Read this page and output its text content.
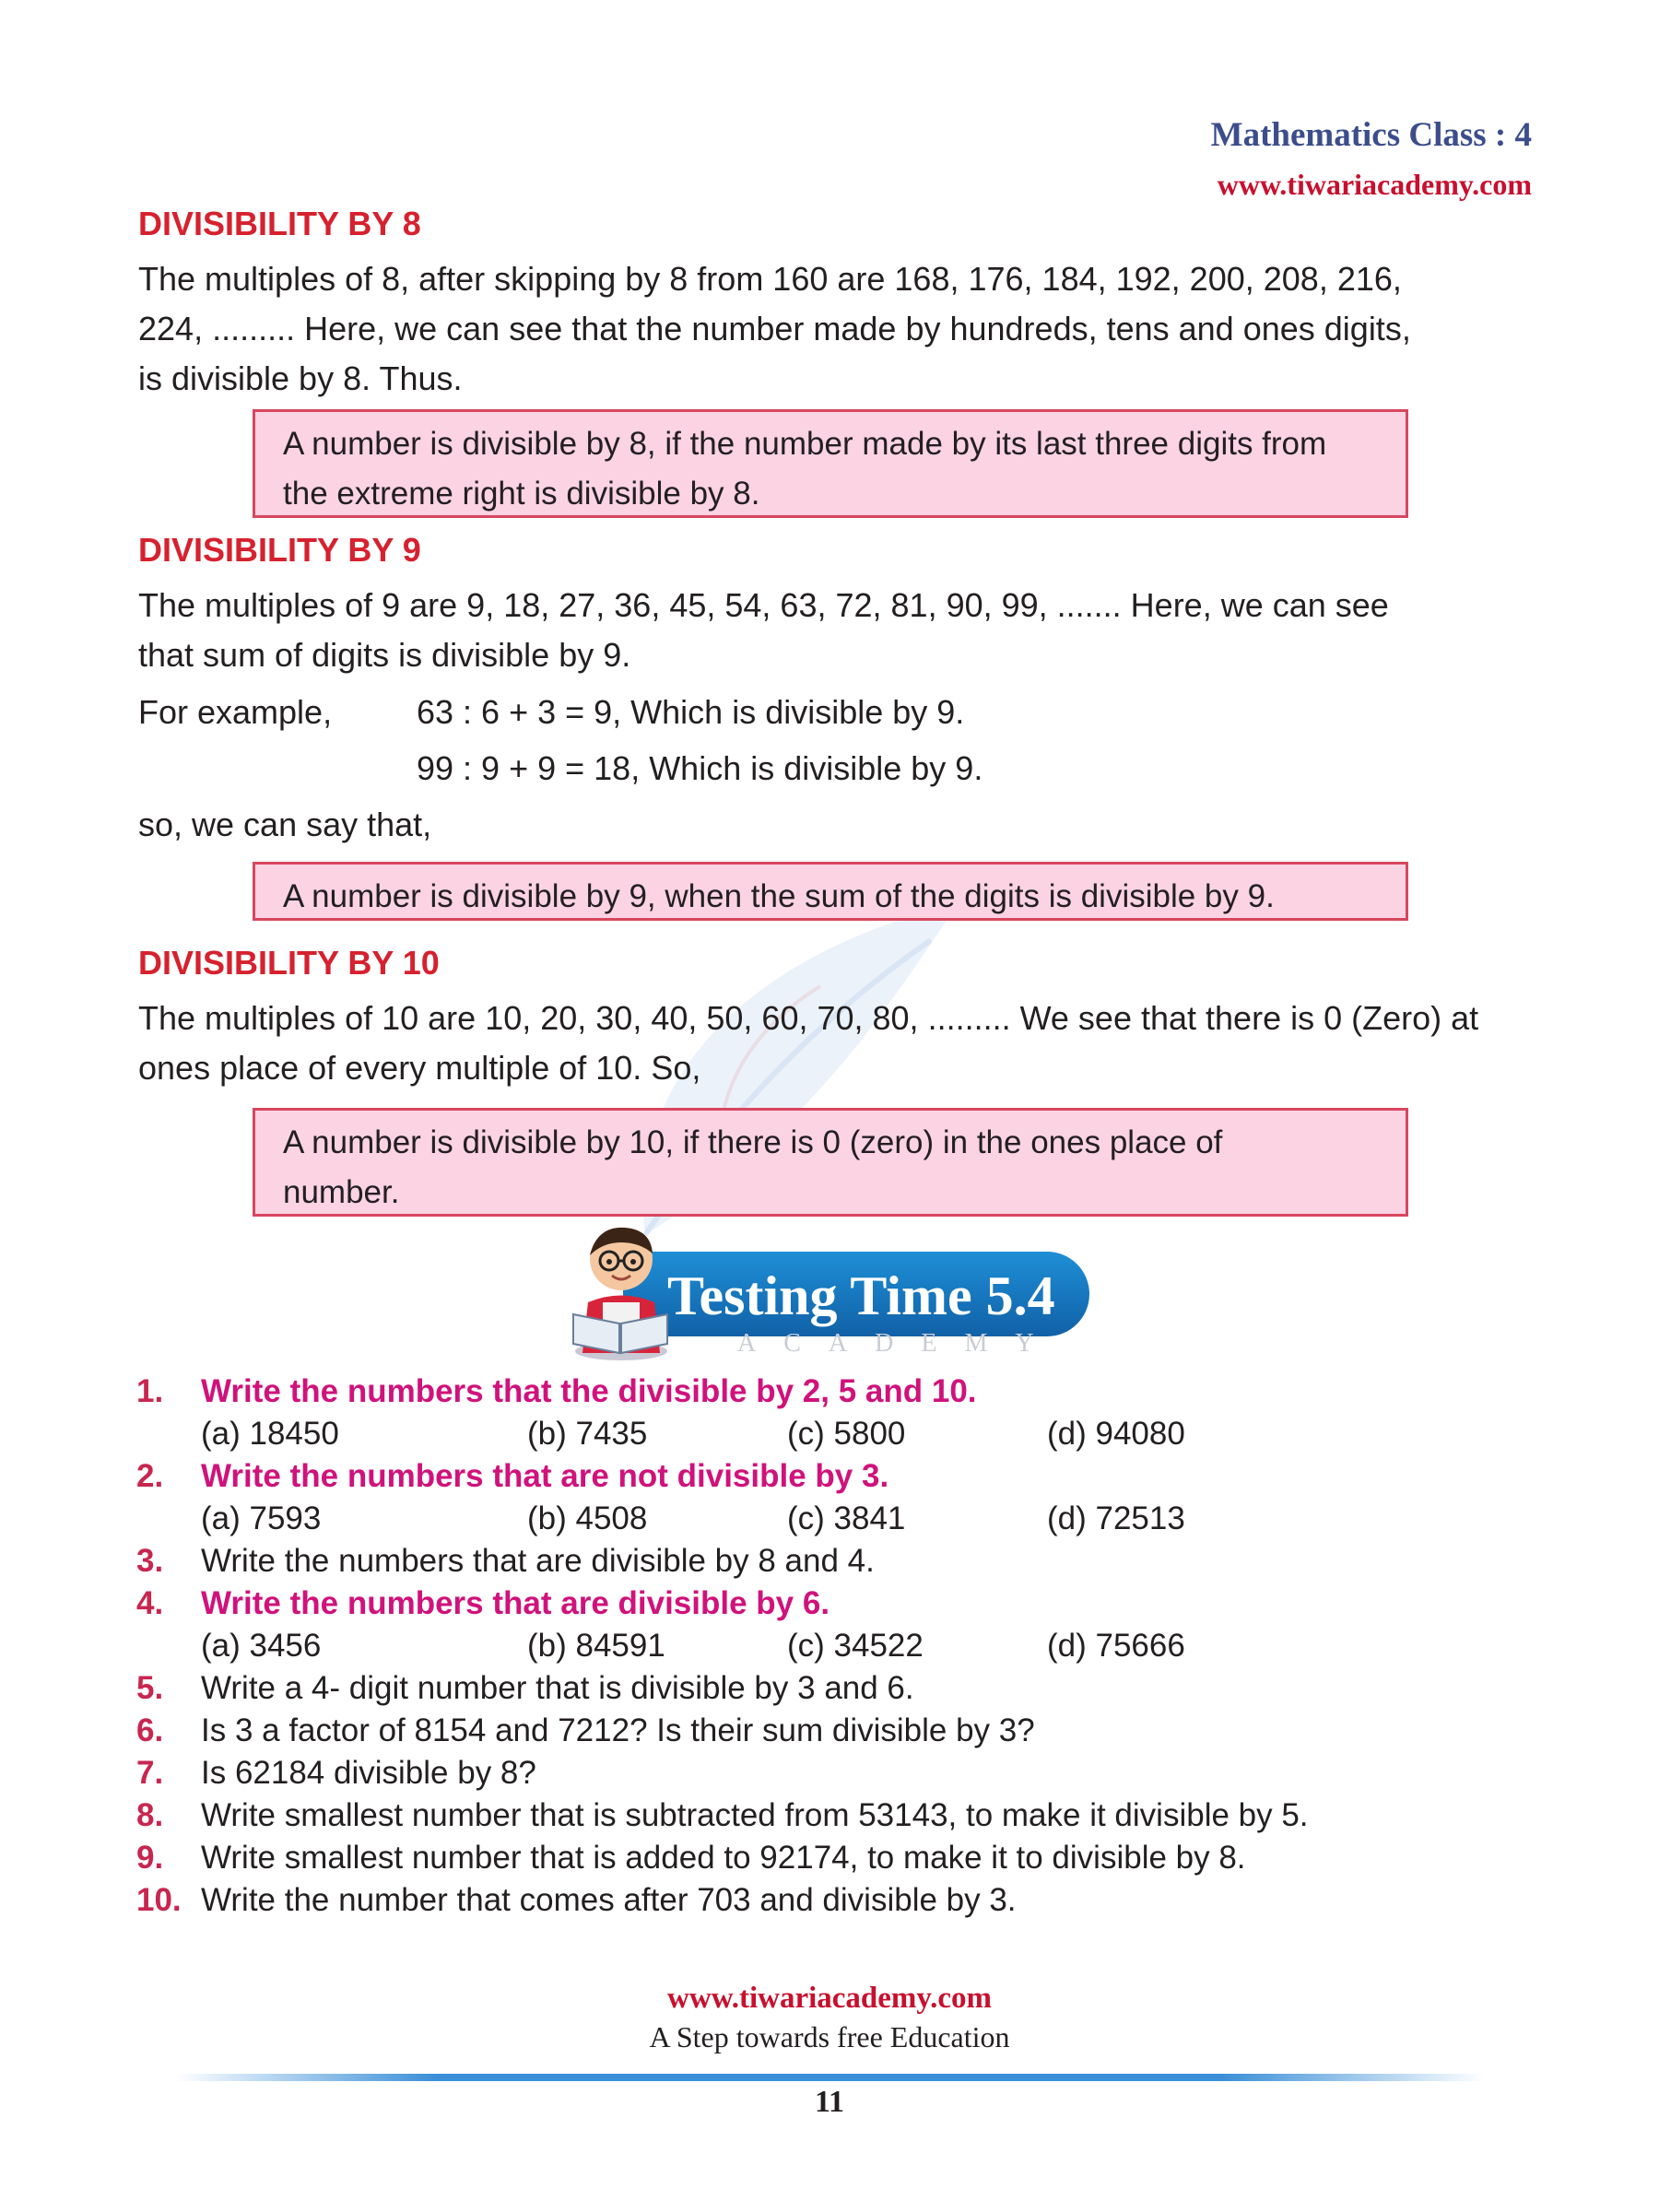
Mathematics Class : 4
www.tiwariacademy.com
DIVISIBILITY BY 8
The multiples of 8, after skipping by 8 from 160 are 168, 176, 184, 192, 200, 208, 216,
224, ......... Here, we can see that the number made by hundreds, tens and ones digits,
is divisible by 8. Thus.
A number is divisible by 8, if the number made by its last three digits from
the extreme right is divisible by 8.
DIVISIBILITY BY 9
The multiples of 9 are 9, 18, 27, 36, 45, 54, 63, 72, 81, 90, 99, ....... Here, we can see
that sum of digits is divisible by 9.
For example,	63 : 6 + 3 = 9, Which is divisible by 9.
99 : 9 + 9 = 18, Which is divisible by 9.
so, we can say that,
A number is divisible by 9, when the sum of the digits is divisible by 9.
DIVISIBILITY BY 10
The multiples of 10 are 10, 20, 30, 40, 50, 60, 70, 80, ......... We see that there is 0 (Zero) at
ones place of every multiple of 10. So,
A number is divisible by 10, if there is 0 (zero) in the ones place of
number.
Testing Time 5.4
ACADEMY
1. Write the numbers that the divisible by 2, 5 and 10.
(a) 18450	(b) 7435	(c) 5800	(d) 94080
2. Write the numbers that are not divisible by 3.
(a) 7593	(b) 4508	(c) 3841	(d) 72513
3. Write the numbers that are divisible by 8 and 4.
4. Write the numbers that are divisible by 6.
(a) 3456	(b) 84591	(c) 34522	(d) 75666
5. Write a 4- digit number that is divisible by 3 and 6.
6. Is 3 a factor of 8154 and 7212? Is their sum divisible by 3?
7. Is 62184 divisible by 8?
8. Write smallest number that is subtracted from 53143, to make it divisible by 5.
9. Write smallest number that is added to 92174, to make it to divisible by 8.
10. Write the number that comes after 703 and divisible by 3.
www.tiwariacademy.com
A Step towards free Education
11
